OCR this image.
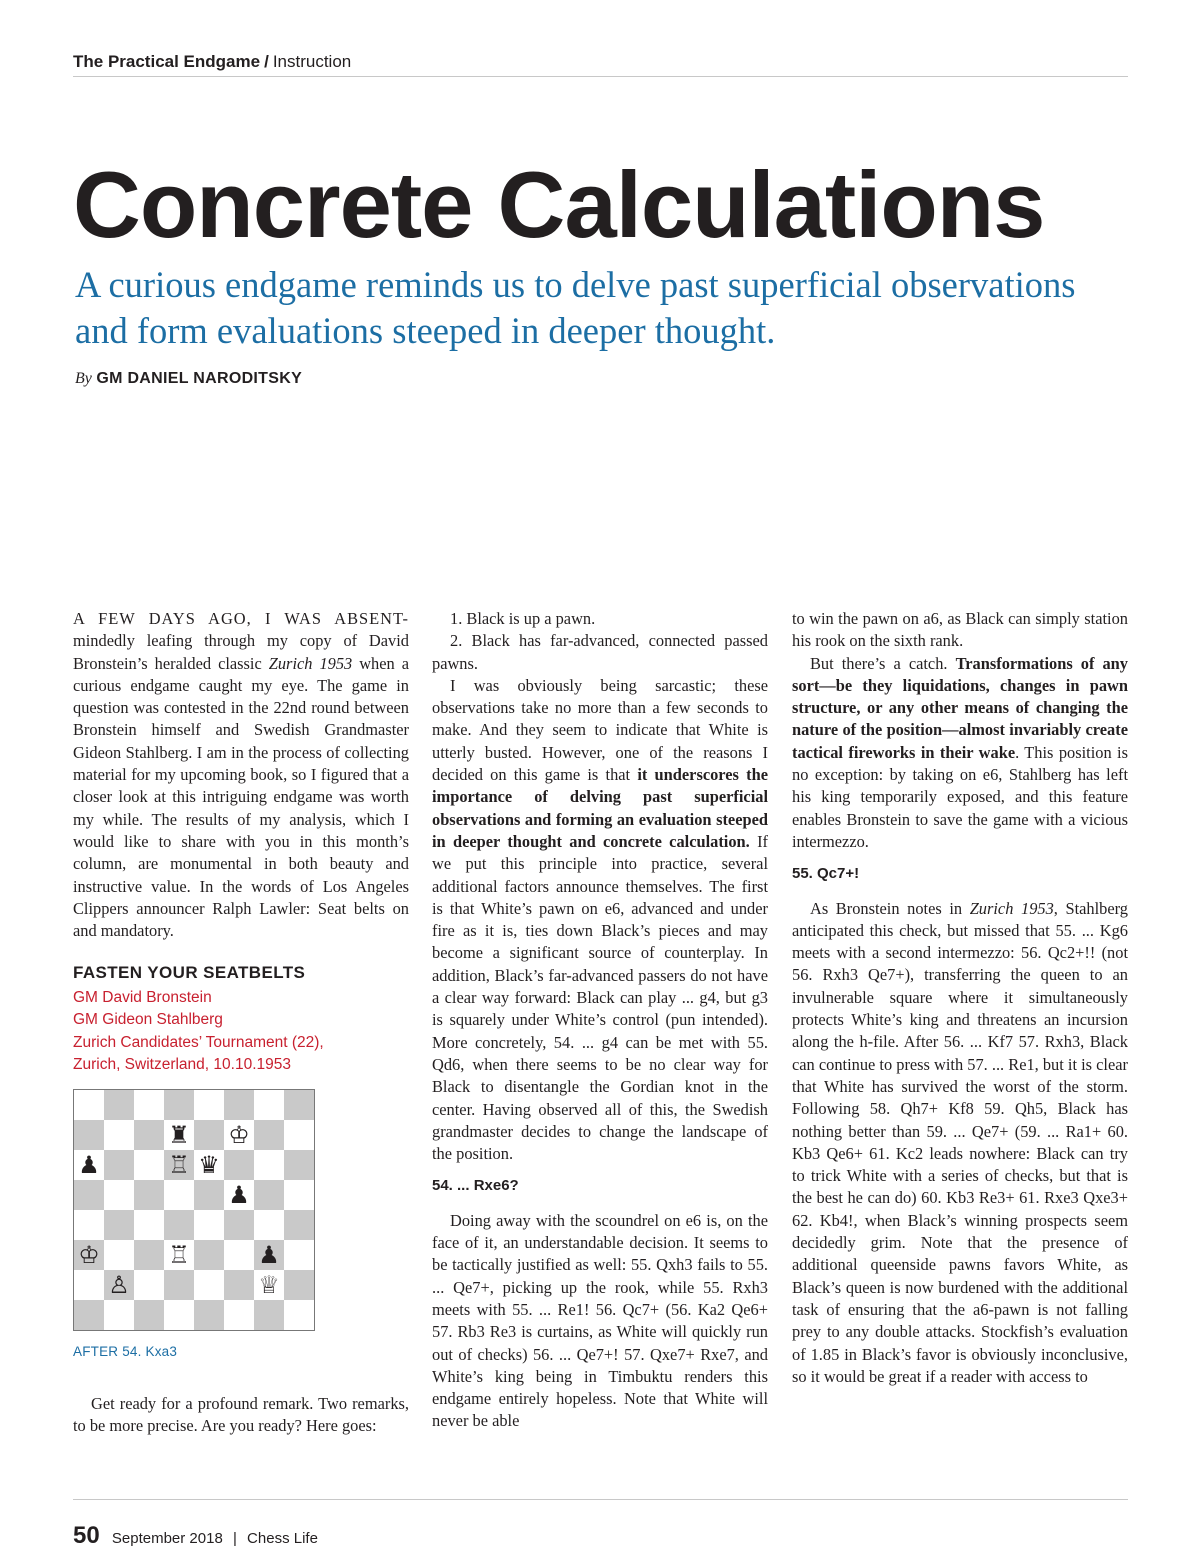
The Practical Endgame / Instruction
Concrete Calculations

A curious endgame reminds us to delve past superficial observations and form evaluations steeped in deeper thought.

By GM DANIEL NARODITSKY

A FEW DAYS AGO, I WAS ABSENT- mindedly leafing through my copy of David Bronstein’s heralded classic Zurich 1953 when a curious endgame caught my eye. The game in question was contested in the 22nd round between Bronstein himself and Swedish Grandmaster Gideon Stahlberg. I am in the process of collecting material for my upcoming book, so I figured that a closer look at this intriguing endgame was worth my while. The results of my analysis, which I would like to share with you in this month’s column, are monumental in both beauty and instructive value. In the words of Los Angeles Clippers announcer Ralph Lawler: Seat belts on and mandatory.

FASTEN YOUR SEATBELTS
GM David Bronstein
GM Gideon Stahlberg
Zurich Candidates’ Tournament (22),
Zurich, Switzerland, 10.10.1953
♜ ♔
♟	♖ ♛
♟
♔	♖	♟
♙	♕
AFTER 54. Kxa3

Get ready for a profound remark. Two remarks, to be more precise. Are you ready? Here goes:

1. Black is up a pawn.

2. Black has far-advanced, connected passed pawns.

I was obviously being sarcastic; these observations take no more than a few seconds to make. And they seem to indicate that White is utterly busted. However, one of the reasons I decided on this game is that it underscores the importance of delving past superficial observations and forming an evaluation steeped in deeper thought and concrete calculation. If we put this principle into practice, several additional factors announce themselves. The first is that White’s pawn on e6, advanced and under fire as it is, ties down Black’s pieces and may become a significant source of counterplay. In addition, Black’s far-advanced passers do not have a clear way forward: Black can play ... g4, but g3 is squarely under White’s control (pun intended). More concretely, 54. ... g4 can be met with 55. Qd6, when there seems to be no clear way for Black to disentangle the Gordian knot in the center. Having observed all of this, the Swedish grandmaster decides to change the landscape of the position.

54. ... Rxe6?

Doing away with the scoundrel on e6 is, on the face of it, an understandable decision. It seems to be tactically justified as well: 55. Qxh3 fails to 55. ... Qe7+, picking up the rook, while 55. Rxh3 meets with 55. ... Re1! 56. Qc7+ (56. Ka2 Qe6+ 57. Rb3 Re3 is curtains, as White will quickly run out of checks) 56. ... Qe7+! 57. Qxe7+ Rxe7, and White’s king being in Timbuktu renders this endgame entirely hopeless. Note that White will never be able

to win the pawn on a6, as Black can simply station his rook on the sixth rank.

But there’s a catch. Transformations of any sort—be they liquidations, changes in pawn structure, or any other means of changing the nature of the position—almost invariably create tactical fireworks in their wake. This position is no exception: by taking on e6, Stahlberg has left his king temporarily exposed, and this feature enables Bronstein to save the game with a vicious intermezzo.

55. Qc7+!

As Bronstein notes in Zurich 1953, Stahlberg anticipated this check, but missed that 55. ... Kg6 meets with a second intermezzo: 56. Qc2+!! (not 56. Rxh3 Qe7+), transferring the queen to an invulnerable square where it simultaneously protects White’s king and threatens an incursion along the h-file. After 56. ... Kf7 57. Rxh3, Black can continue to press with 57. ... Re1, but it is clear that White has survived the worst of the storm. Following 58. Qh7+ Kf8 59. Qh5, Black has nothing better than 59. ... Qe7+ (59. ... Ra1+ 60. Kb3 Qe6+ 61. Kc2 leads nowhere: Black can try to trick White with a series of checks, but that is the best he can do) 60. Kb3 Re3+ 61. Rxe3 Qxe3+ 62. Kb4!, when Black’s winning prospects seem decidedly grim. Note that the presence of additional queenside pawns favors White, as Black’s queen is now burdened with the additional task of ensuring that the a6-pawn is not falling prey to any double attacks. Stockfish’s evaluation of 1.85 in Black’s favor is obviously inconclusive, so it would be great if a reader with access to

50 September 2018 | Chess Life
